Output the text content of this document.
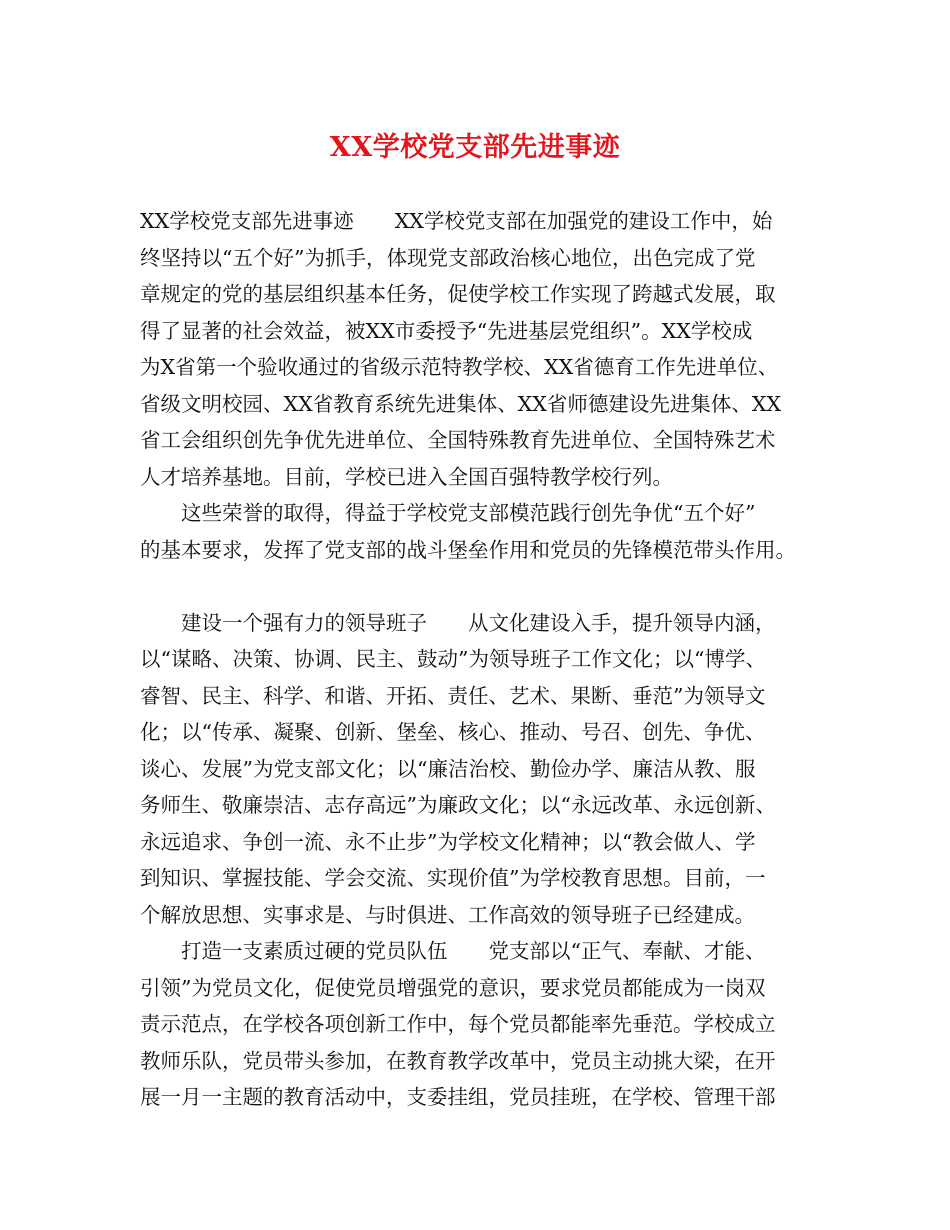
XX学校党支部先进事迹
XX学校党支部先进事迹　　XX学校党支部在加强党的建设工作中，始
终坚持以“五个好”为抓手，体现党支部政治核心地位，出色完成了党
章规定的党的基层组织基本任务，促使学校工作实现了跨越式发展，取
得了显著的社会效益，被XX市委授予“先进基层党组织”。XX学校成
为X省第一个验收通过的省级示范特教学校、XX省德育工作先进单位、
省级文明校园、XX省教育系统先进集体、XX省师德建设先进集体、XX
省工会组织创先争优先进单位、全国特殊教育先进单位、全国特殊艺术
人才培养基地。目前，学校已进入全国百强特教学校行列。
　　这些荣誉的取得，得益于学校党支部模范践行创先争优“五个好”
的基本要求，发挥了党支部的战斗堡垒作用和党员的先锋模范带头作用。
　　建设一个强有力的领导班子　　从文化建设入手，提升领导内涵，
以“谋略、决策、协调、民主、鼓动”为领导班子工作文化；以“博学、
睿智、民主、科学、和谐、开拓、责任、艺术、果断、垂范”为领导文
化；以“传承、凝聚、创新、堡垒、核心、推动、号召、创先、争优、
谈心、发展”为党支部文化；以“廉洁治校、勤俭办学、廉洁从教、服
务师生、敬廉崇洁、志存高远”为廉政文化；以“永远改革、永远创新、
永远追求、争创一流、永不止步”为学校文化精神；以“教会做人、学
到知识、掌握技能、学会交流、实现价值”为学校教育思想。目前，一
个解放思想、实事求是、与时俱进、工作高效的领导班子已经建成。
　　打造一支素质过硬的党员队伍　　党支部以“正气、奉献、才能、
引领”为党员文化，促使党员增强党的意识，要求党员都能成为一岗双
责示范点，在学校各项创新工作中，每个党员都能率先垂范。学校成立
教师乐队，党员带头参加，在教育教学改革中，党员主动挑大梁，在开
展一月一主题的教育活动中，支委挂组，党员挂班，在学校、管理干部
